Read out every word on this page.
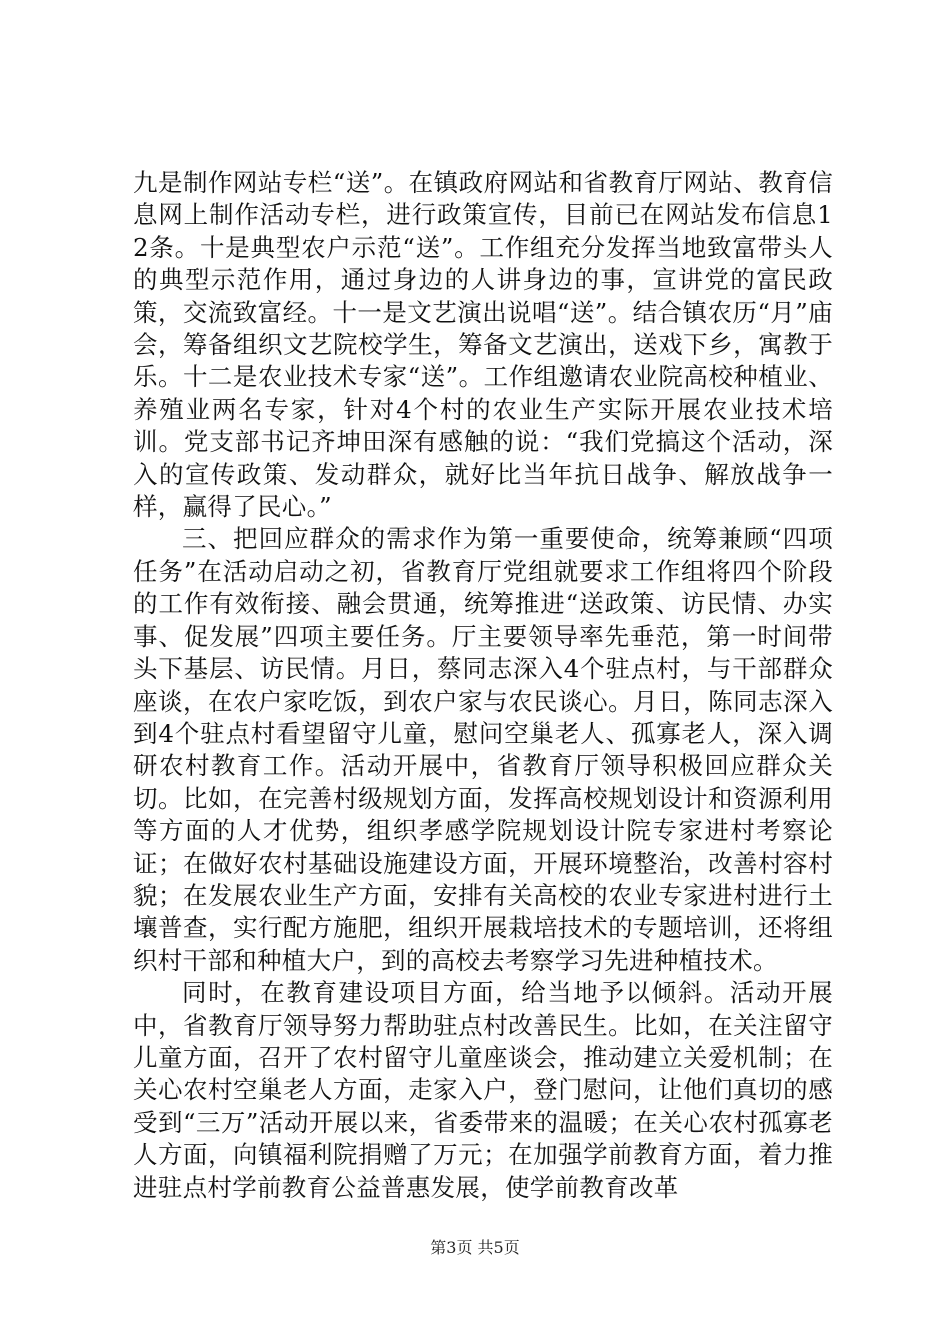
九是制作网站专栏“送”。在镇政府网站和省教育厅网站、教育信息网上制作活动专栏，进行政策宣传，目前已在网站发布信息12条。十是典型农户示范“送”。工作组充分发挥当地致富带头人的典型示范作用，通过身边的人讲身边的事，宣讲党的富民政策，交流致富经。十一是文艺演出说唱“送”。结合镇农历“月”庙会，筹备组织文艺院校学生，筹备文艺演出，送戏下乡，寓教于乐。十二是农业技术专家“送”。工作组邀请农业院高校种植业、养殖业两名专家，针对4个村的农业生产实际开展农业技术培训。党支部书记齐坤田深有感触的说：“我们党搞这个活动，深入的宣传政策、发动群众，就好比当年抗日战争、解放战争一样，赢得了民心。”

三、把回应群众的需求作为第一重要使命，统筹兼顾“四项任务”在活动启动之初，省教育厅党组就要求工作组将四个阶段的工作有效衔接、融会贯通，统筹推进“送政策、访民情、办实事、促发展”四项主要任务。厅主要领导率先垂范，第一时间带头下基层、访民情。月日，蔡同志深入4个驻点村，与干部群众座谈，在农户家吃饭，到农户家与农民谈心。月日，陈同志深入到4个驻点村看望留守儿童，慰问空巢老人、孤寡老人，深入调研农村教育工作。活动开展中，省教育厅领导积极回应群众关切。比如，在完善村级规划方面，发挥高校规划设计和资源利用等方面的人才优势，组织孝感学院规划设计院专家进村考察论证；在做好农村基础设施建设方面，开展环境整治，改善村容村貌；在发展农业生产方面，安排有关高校的农业专家进村进行土壤普查，实行配方施肥，组织开展栽培技术的专题培训，还将组织村干部和种植大户，到的高校去考察学习先进种植技术。

同时，在教育建设项目方面，给当地予以倾斜。活动开展中，省教育厅领导努力帮助驻点村改善民生。比如，在关注留守儿童方面，召开了农村留守儿童座谈会，推动建立关爱机制；在关心农村空巢老人方面，走家入户，登门慰问，让他们真切的感受到“三万”活动开展以来，省委带来的温暖；在关心农村孤寡老人方面，向镇福利院捐赠了万元；在加强学前教育方面，着力推进驻点村学前教育公益普惠发展，使学前教育改革

第3页 共5页
